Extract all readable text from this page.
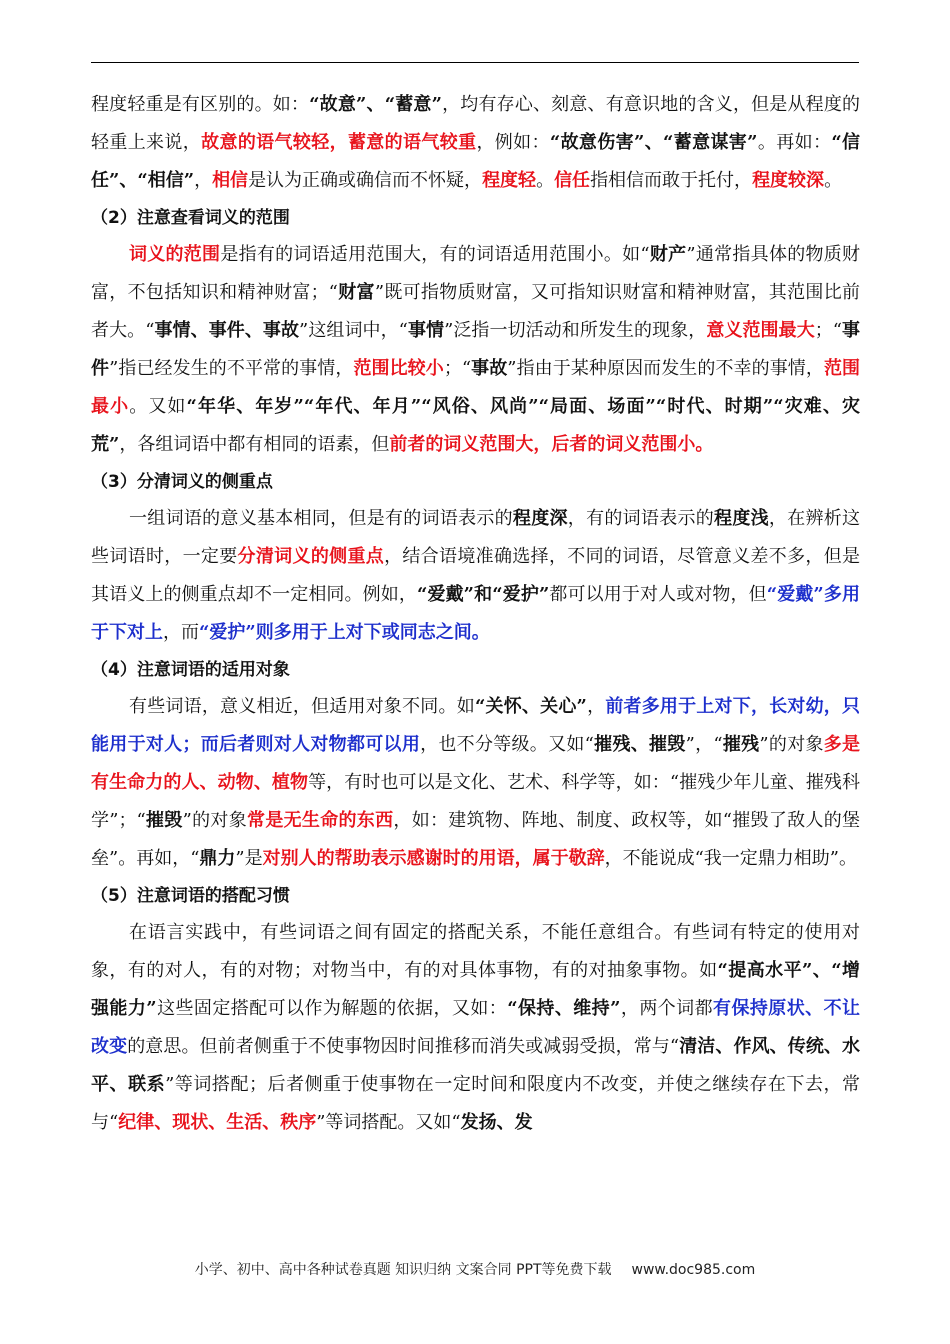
程度轻重是有区别的。如：“故意”、“蓄意”，均有存心、刻意、有意识地的含义，但是从程度的轻重上来说，故意的语气较轻，蓄意的语气较重，例如：“故意伤害”、“蓄意谋害”。再如：“信任”、“相信”，相信是认为正确或确信而不怀疑，程度轻。信任指相信而敢于托付，程度较深。

（2）注意查看词义的范围

词义的范围是指有的词语适用范围大，有的词语适用范围小。如“财产”通常指具体的物质财富，不包括知识和精神财富；“财富”既可指物质财富，又可指知识财富和精神财富，其范围比前者大。“事情、事件、事故”这组词中，“事情”泛指一切活动和所发生的现象，意义范围最大；“事件”指已经发生的不平常的事情，范围比较小；“事故”指由于某种原因而发生的不幸的事情，范围最小。又如“年华、年岁”“年代、年月”“风俗、风尚”“局面、场面”“时代、时期”“灾难、灾荒”，各组词语中都有相同的语素，但前者的词义范围大，后者的词义范围小。

（3）分清词义的侧重点

一组词语的意义基本相同，但是有的词语表示的程度深，有的词语表示的程度浅，在辨析这些词语时，一定要分清词义的侧重点，结合语境准确选择，不同的词语，尽管意义差不多，但是其语义上的侧重点却不一定相同。例如，“爱戴”和“爱护”都可以用于对人或对物，但“爱戴”多用于下对上，而“爱护”则多用于上对下或同志之间。

（4）注意词语的适用对象

有些词语，意义相近，但适用对象不同。如“关怀、关心”，前者多用于上对下，长对幼，只能用于对人；而后者则对人对物都可以用，也不分等级。又如“摧残、摧毁”，“摧残”的对象多是有生命力的人、动物、植物等，有时也可以是文化、艺术、科学等，如：“摧残少年儿童、摧残科学”；“摧毁”的对象常是无生命的东西，如：建筑物、阵地、制度、政权等，如“摧毁了敌人的堡垒”。再如，“鼎力”是对别人的帮助表示感谢时的用语，属于敬辞，不能说成“我一定鼎力相助”。

（5）注意词语的搭配习惯

在语言实践中，有些词语之间有固定的搭配关系，不能任意组合。有些词有特定的使用对象，有的对人，有的对物；对物当中，有的对具体事物，有的对抽象事物。如“提高水平”、“增强能力”这些固定搭配可以作为解题的依据，又如：“保持、维持”，两个词都有保持原状、不让改变的意思。但前者侧重于不使事物因时间推移而消失或减弱受损，常与“清洁、作风、传统、水平、联系”等词搭配；后者侧重于使事物在一定时间和限度内不改变，并使之继续存在下去，常与“纪律、现状、生活、秩序”等词搭配。又如“发扬、发

小学、初中、高中各种试卷真题 知识归纳 文案合同 PPT等免费下载 www.doc985.com
